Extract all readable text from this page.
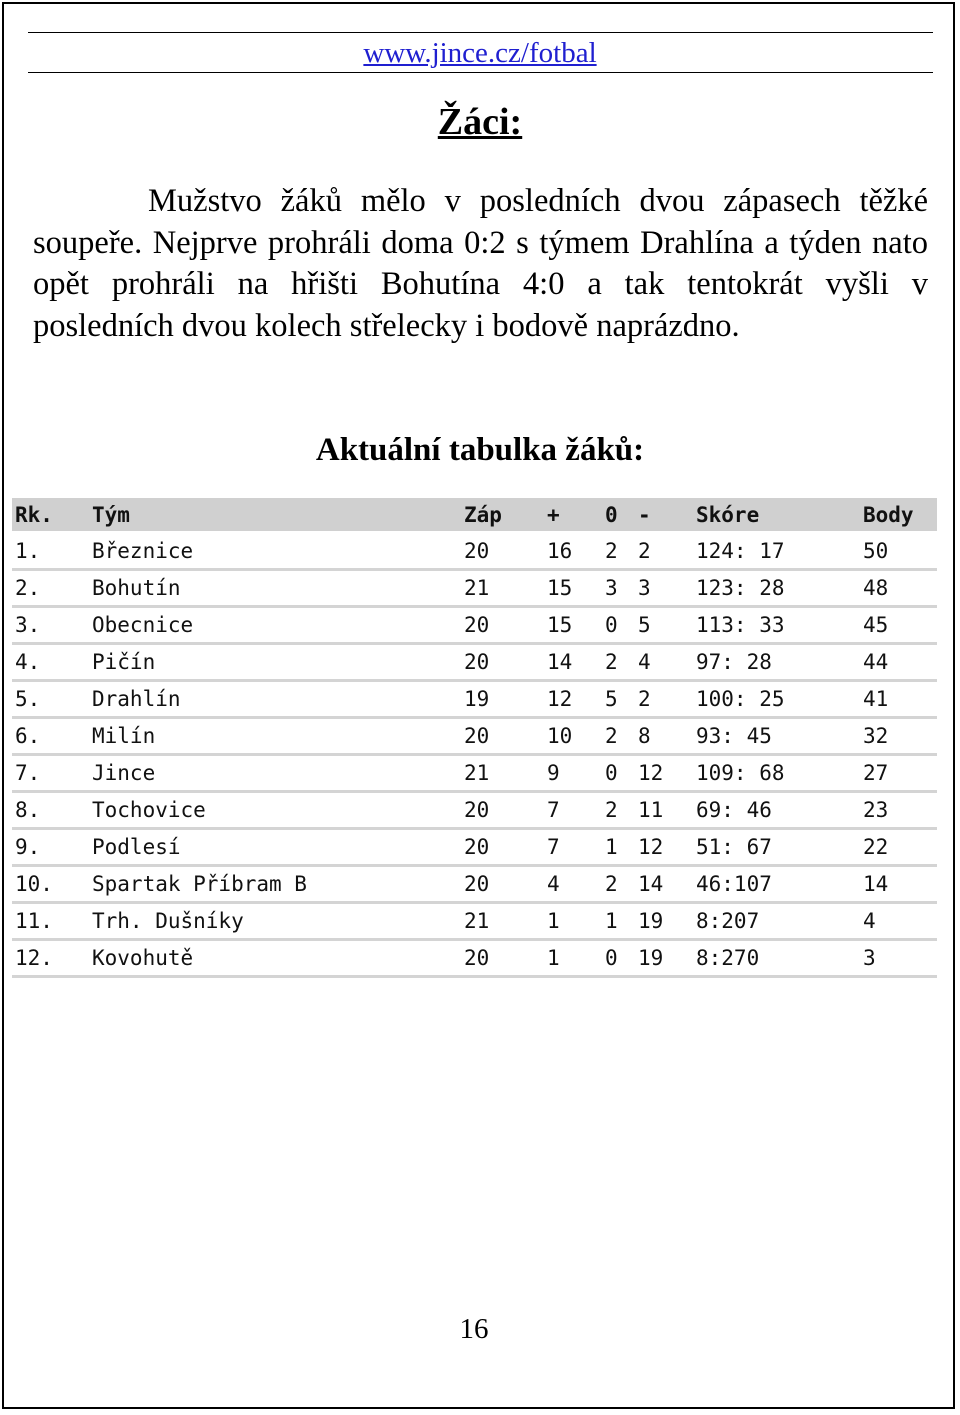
www.jince.cz/fotbal
Žáci:

Mužstvo žáků mělo v posledních dvou zápasech těžké soupeře. Nejprve prohráli doma 0:2 s týmem Drahlína a týden nato opět prohráli na hřišti Bohutína 4:0 a tak tentokrát vyšli v posledních dvou kolech střelecky i bodově naprázdno.

Aktuální tabulka žáků:
Rk.	Tým	Záp	+	0	-	Skóre	Body
1.	Březnice	20	16	2	2	124: 17	50
2.	Bohutín	21	15	3	3	123: 28	48
3.	Obecnice	20	15	0	5	113: 33	45
4.	Pičín	20	14	2	4	97: 28	44
5.	Drahlín	19	12	5	2	100: 25	41
6.	Milín	20	10	2	8	93: 45	32
7.	Jince	21	9	0	12	109: 68	27
8.	Tochovice	20	7	2	11	69: 46	23
9.	Podlesí	20	7	1	12	51: 67	22
10.	Spartak Příbram B	20	4	2	14	46:107	14
11.	Trh. Dušníky	21	1	1	19	8:207	4
12.	Kovohutě	20	1	0	19	8:270	3
16
